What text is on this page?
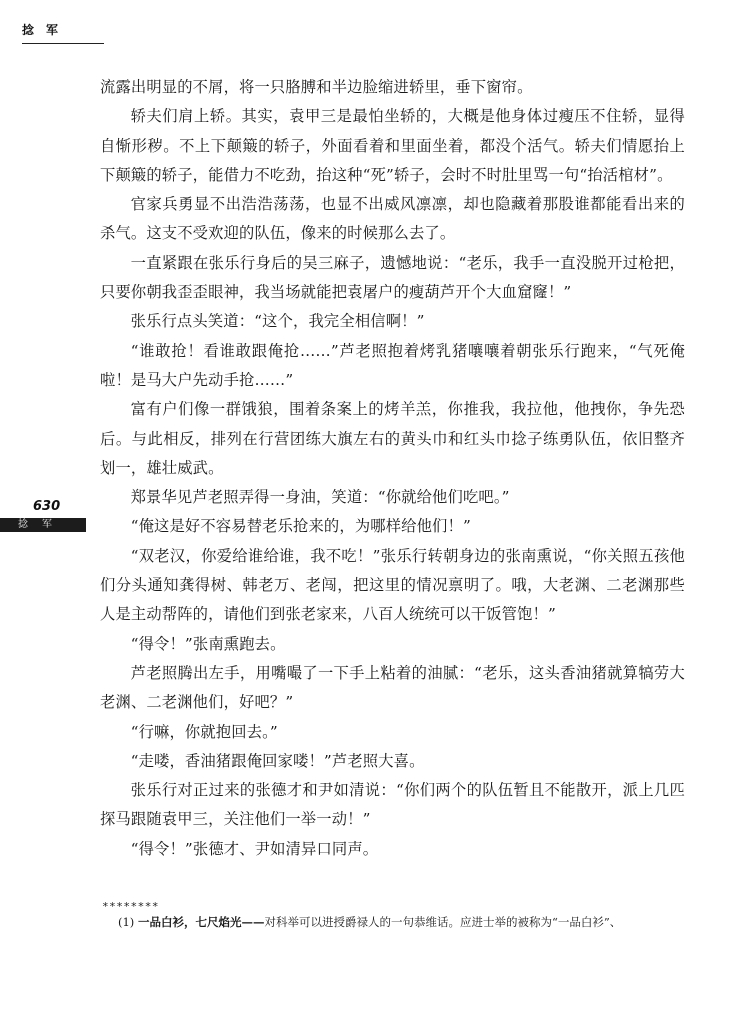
捻军
630
捻军

流露出明显的不屑，将一只胳膊和半边脸缩进轿里，垂下窗帘。

轿夫们肩上轿。其实，袁甲三是最怕坐轿的，大概是他身体过瘦压不住轿，显得自惭形秽。不上下颠簸的轿子，外面看着和里面坐着，都没个活气。轿夫们情愿抬上下颠簸的轿子，能借力不吃劲，抬这种“死”轿子，会时不时肚里骂一句“抬活棺材”。

官家兵勇显不出浩浩荡荡，也显不出威风凛凛，却也隐藏着那股谁都能看出来的杀气。这支不受欢迎的队伍，像来的时候那么去了。

一直紧跟在张乐行身后的吴三麻子，遗憾地说：“老乐，我手一直没脱开过枪把，只要你朝我歪歪眼神，我当场就能把袁屠户的瘦葫芦开个大血窟窿！”

张乐行点头笑道：“这个，我完全相信啊！”

“谁敢抢！看谁敢跟俺抢……”芦老照抱着烤乳猪嚷嚷着朝张乐行跑来，“气死俺啦！是马大户先动手抢……”

富有户们像一群饿狼，围着条案上的烤羊羔，你推我，我拉他，他拽你，争先恐后。与此相反，排列在行营团练大旗左右的黄头巾和红头巾捻子练勇队伍，依旧整齐划一，雄壮威武。

郑景华见芦老照弄得一身油，笑道：“你就给他们吃吧。”

“俺这是好不容易替老乐抢来的，为哪样给他们！”

“双老汉，你爱给谁给谁，我不吃！”张乐行转朝身边的张南熏说，“你关照五孩他们分头通知龚得树、韩老万、老闯，把这里的情况禀明了。哦，大老渊、二老渊那些人是主动帮阵的，请他们到张老家来，八百人统统可以干饭管饱！”

“得令！”张南熏跑去。

芦老照腾出左手，用嘴嘬了一下手上粘着的油腻：“老乐，这头香油猪就算犒劳大老渊、二老渊他们，好吧？”

“行嘛，你就抱回去。”

“走喽，香油猪跟俺回家喽！”芦老照大喜。

张乐行对正过来的张德才和尹如清说：“你们两个的队伍暂且不能散开，派上几匹探马跟随袁甲三，关注他们一举一动！”

“得令！”张德才、尹如清异口同声。

********
(1) 一品白衫，七尺焰光——对科举可以进授爵禄人的一句恭维话。应进士举的被称为“一品白衫”、
